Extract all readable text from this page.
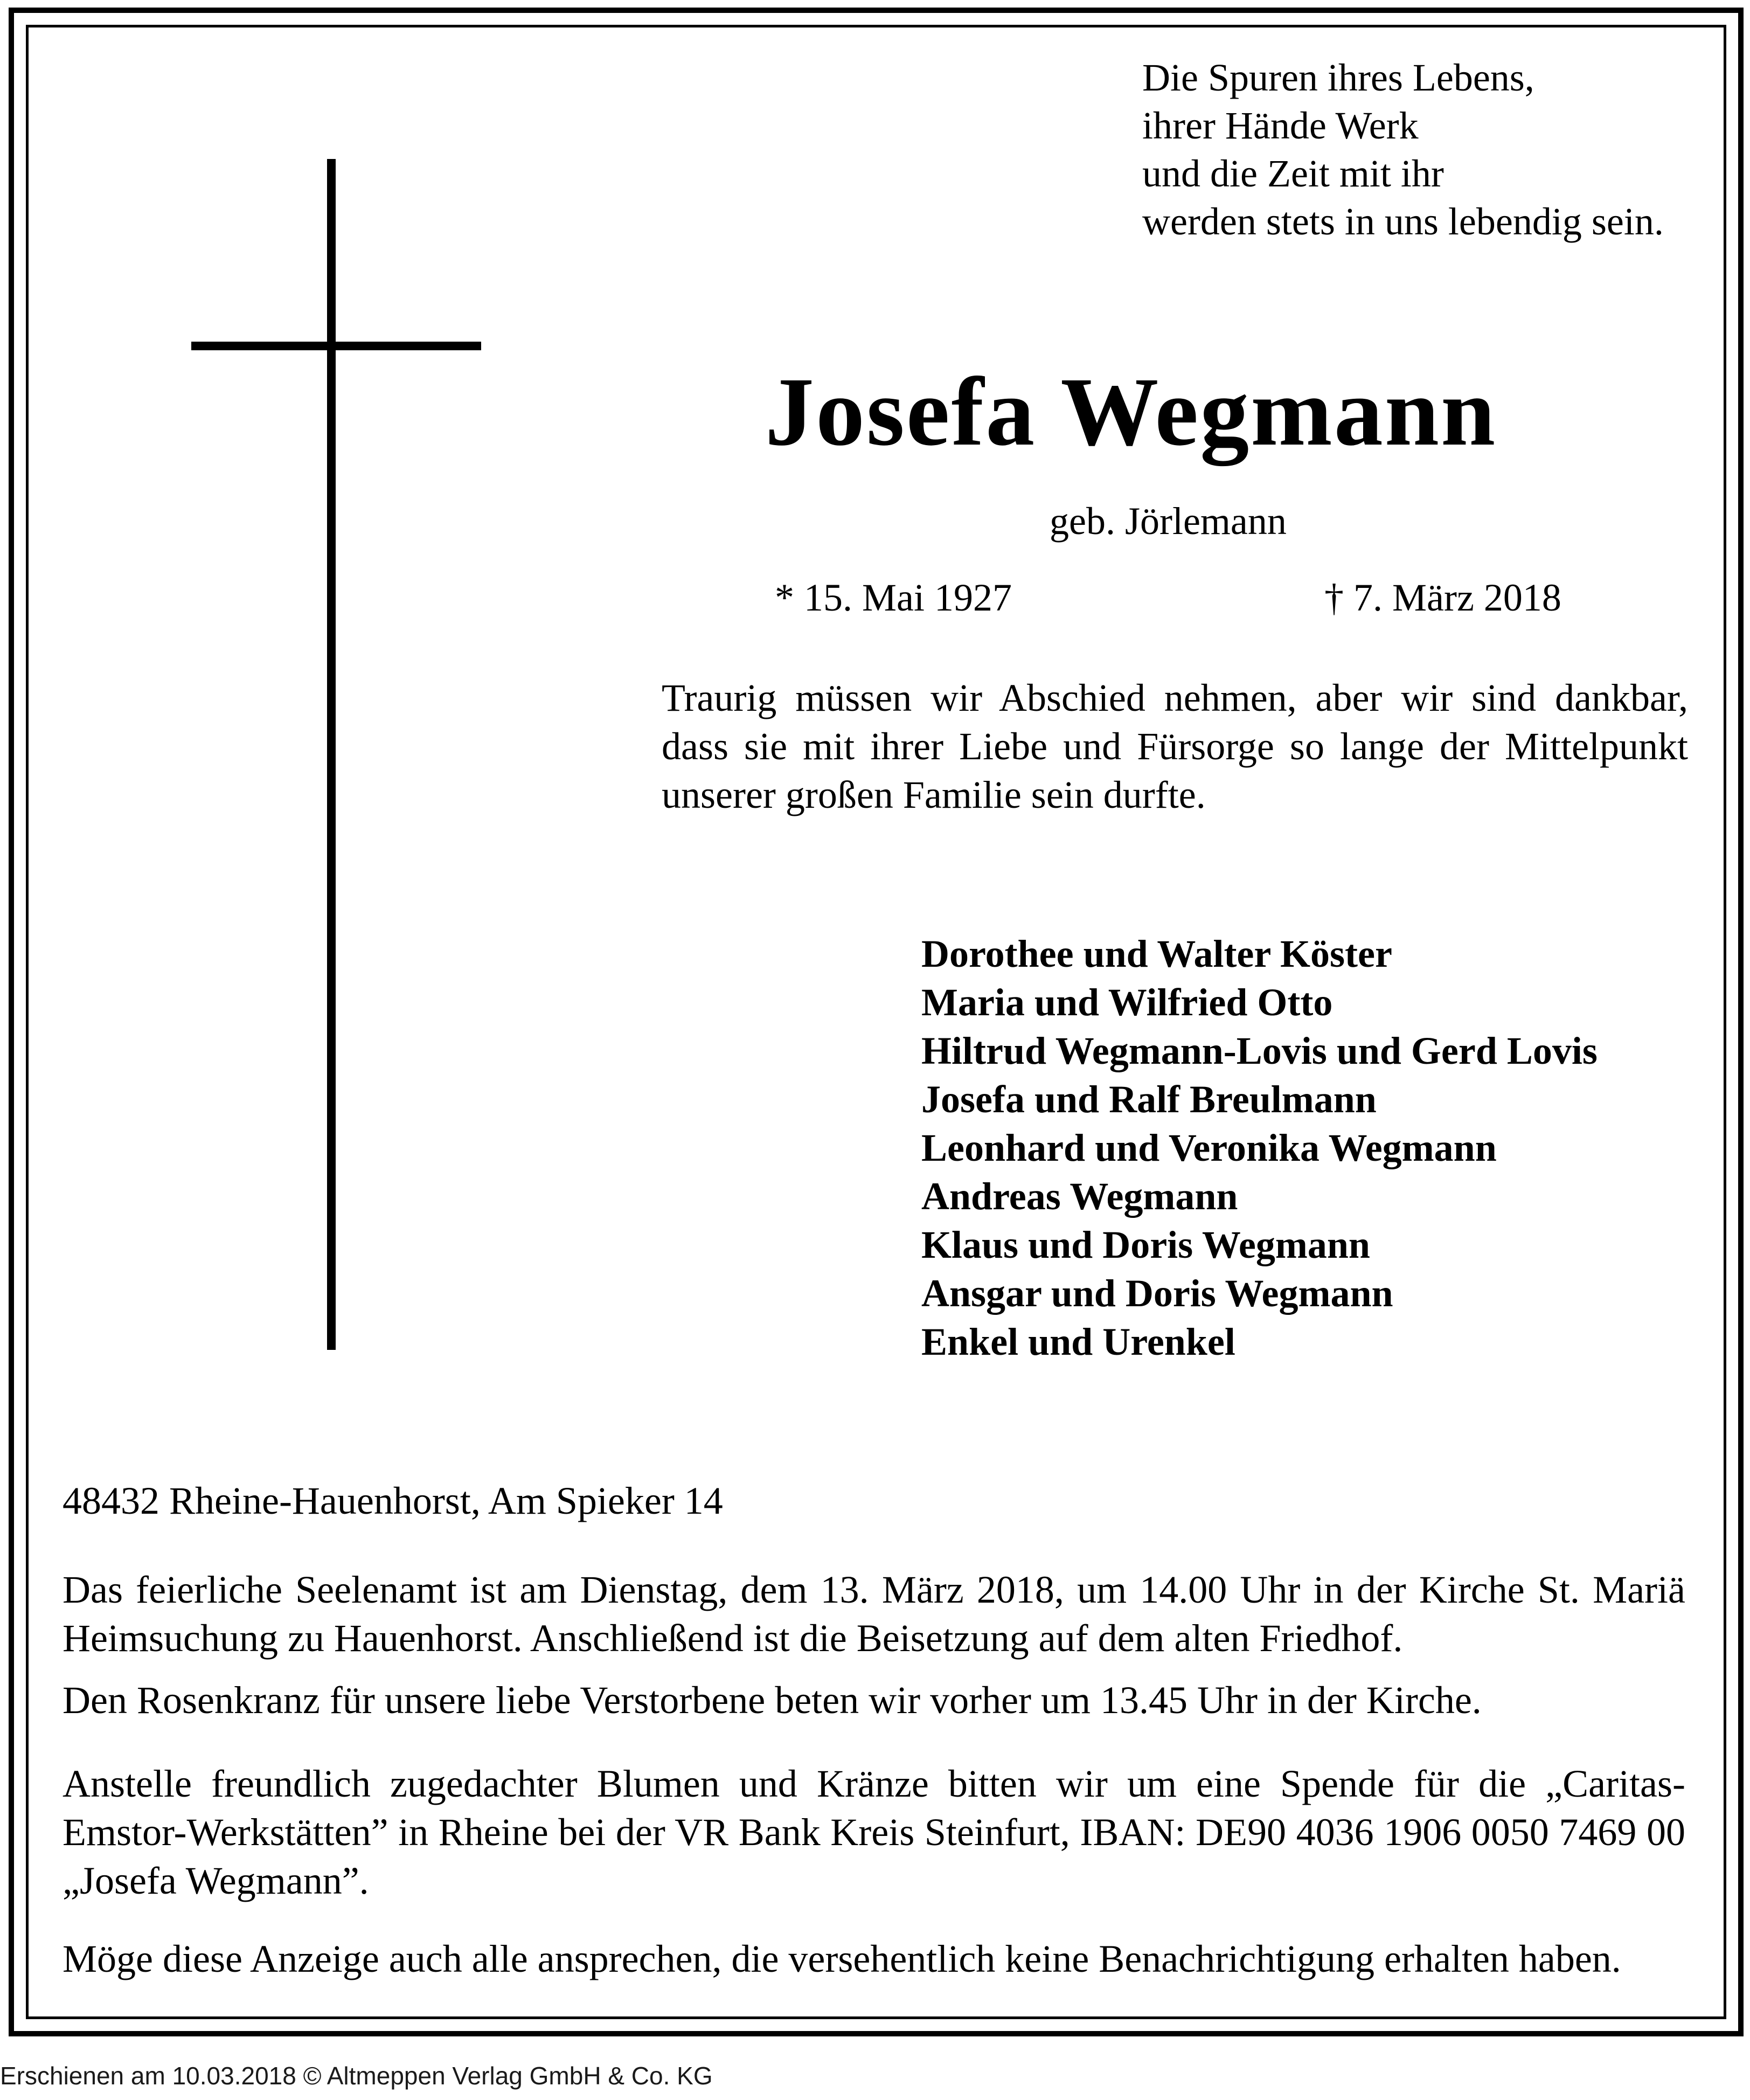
Die Spuren ihres Lebens,
ihrer Hände Werk
und die Zeit mit ihr
werden stets in uns lebendig sein.
Josefa Wegmann
geb. Jörlemann
* 15. Mai 1927	† 7. März 2018
Traurig müssen wir Abschied nehmen, aber wir sind dankbar,
dass sie mit ihrer Liebe und Fürsorge so lange der Mittelpunkt
unserer großen Familie sein durfte.
Dorothee und Walter Köster
Maria und Wilfried Otto
Hiltrud Wegmann-Lovis und Gerd Lovis
Josefa und Ralf Breulmann
Leonhard und Veronika Wegmann
Andreas Wegmann
Klaus und Doris Wegmann
Ansgar und Doris Wegmann
Enkel und Urenkel
48432 Rheine-Hauenhorst, Am Spieker 14
Das feierliche Seelenamt ist am Dienstag, dem 13. März 2018, um 14.00 Uhr in der Kirche St. Mariä
Heimsuchung zu Hauenhorst. Anschließend ist die Beisetzung auf dem alten Friedhof.
Den Rosenkranz für unsere liebe Verstorbene beten wir vorher um 13.45 Uhr in der Kirche.
Anstelle freundlich zugedachter Blumen und Kränze bitten wir um eine Spende für die „Caritas-
Emstor-Werkstätten” in Rheine bei der VR Bank Kreis Steinfurt, IBAN: DE90 4036 1906 0050 7469 00
„Josefa Wegmann”.
Möge diese Anzeige auch alle ansprechen, die versehentlich keine Benachrichtigung erhalten haben.
Erschienen am 10.03.2018 © Altmeppen Verlag GmbH & Co. KG
